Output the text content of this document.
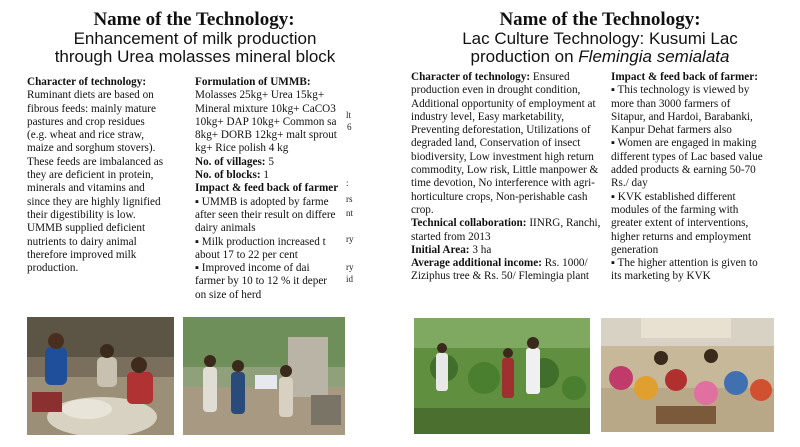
Name of the Technology:
Enhancement of milk production
through Urea molasses mineral block
Character of technology:
Ruminant diets are based on
fibrous feeds: mainly mature
pastures and crop residues
(e.g. wheat and rice straw,
maize and sorghum stovers).
These feeds are imbalanced as
they are deficient in protein,
minerals and vitamins and
since they are highly lignified
their digestibility is low.
UMMB supplied deficient
nutrients to dairy animal
therefore improved milk
production.
Formulation of UMMB:
Molasses 25kg+ Urea 15kg+
Mineral mixture 10kg+ CaCO3
10kg+ DAP 10kg+ Common sa
8kg+ DORB 12kg+ malt sprout
kg+ Rice polish 4 kg
No. of villages: 5
No. of blocks: 1
Impact & feed back of farmer
▪ UMMB is adopted by farme
after seen their result on differe
dairy animals
▪ Milk production increased t
about 17 to 22 per cent
▪ Improved income of dai
farmer by 10 to 12 % it deper
on size of herd
lt
6
:
rs
nt
ry
ry
id
Name of the Technology:
Lac Culture Technology: Kusumi Lac
production on Flemingia semialata
Character of technology: Ensured
production even in drought condition,
Additional opportunity of employment at
industry level, Easy marketability,
Preventing deforestation, Utilizations of
degraded land, Conservation of insect
biodiversity, Low investment high return
commodity, Low risk, Little manpower &
time devotion, No interference with agri-
horticulture crops, Non-perishable cash
crop.
Technical collaboration: IINRG, Ranchi,
started from 2013
Initial Area: 3 ha
Average additional income: Rs. 1000/
Ziziphus tree & Rs. 50/ Flemingia plant
Impact & feed back of farmer:
▪ This technology is viewed by
more than 3000 farmers of
Sitapur, and Hardoi, Barabanki,
Kanpur Dehat farmers also
▪ Women are engaged in making
different types of Lac based value
added products & earning 50-70
Rs./ day
▪ KVK established different
modules of the farming with
greater extent of interventions,
higher returns and employment
generation
▪ The higher attention is given to
its marketing by KVK
